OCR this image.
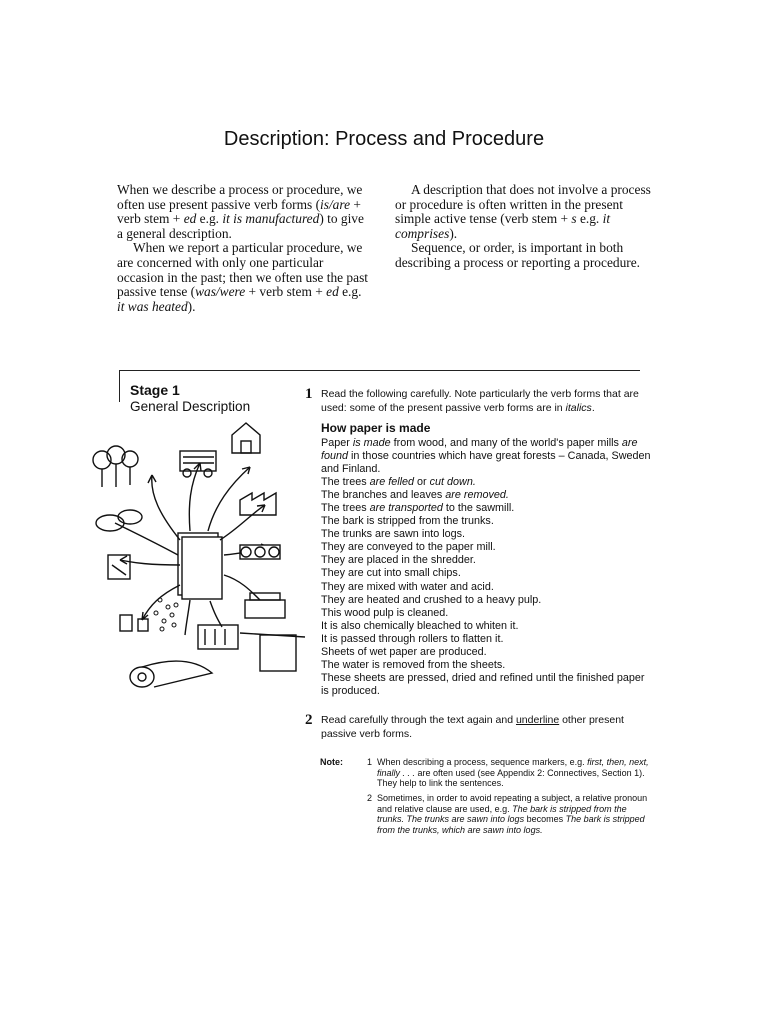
Description: Process and Procedure
When we describe a process or procedure, we often use present passive verb forms (is/are + verb stem + ed e.g. it is manufactured) to give a general description.
When we report a particular procedure, we are concerned with only one particular occasion in the past; then we often use the past passive tense (was/were + verb stem + ed e.g. it was heated).
A description that does not involve a process or procedure is often written in the present simple active tense (verb stem + s e.g. it comprises).
Sequence, or order, is important in both describing a process or reporting a procedure.
Stage 1
General Description
1 Read the following carefully. Note particularly the verb forms that are used: some of the present passive verb forms are in italics.
How paper is made
Paper is made from wood, and many of the world's paper mills are found in those countries which have great forests – Canada, Sweden and Finland.
The trees are felled or cut down.
The branches and leaves are removed.
The trees are transported to the sawmill.
The bark is stripped from the trunks.
The trunks are sawn into logs.
They are conveyed to the paper mill.
They are placed in the shredder.
They are cut into small chips.
They are mixed with water and acid.
They are heated and crushed to a heavy pulp.
This wood pulp is cleaned.
It is also chemically bleached to whiten it.
It is passed through rollers to flatten it.
Sheets of wet paper are produced.
The water is removed from the sheets.
These sheets are pressed, dried and refined until the finished paper is produced.
2 Read carefully through the text again and underline other present passive verb forms.
Note:	1 When describing a process, sequence markers, e.g. first, then, next, finally . . . are often used (see Appendix 2: Connectives, Section 1). They help to link the sentences.
2 Sometimes, in order to avoid repeating a subject, a relative pronoun and relative clause are used, e.g. The bark is stripped from the trunks. The trunks are sawn into logs becomes The bark is stripped from the trunks, which are sawn into logs.
